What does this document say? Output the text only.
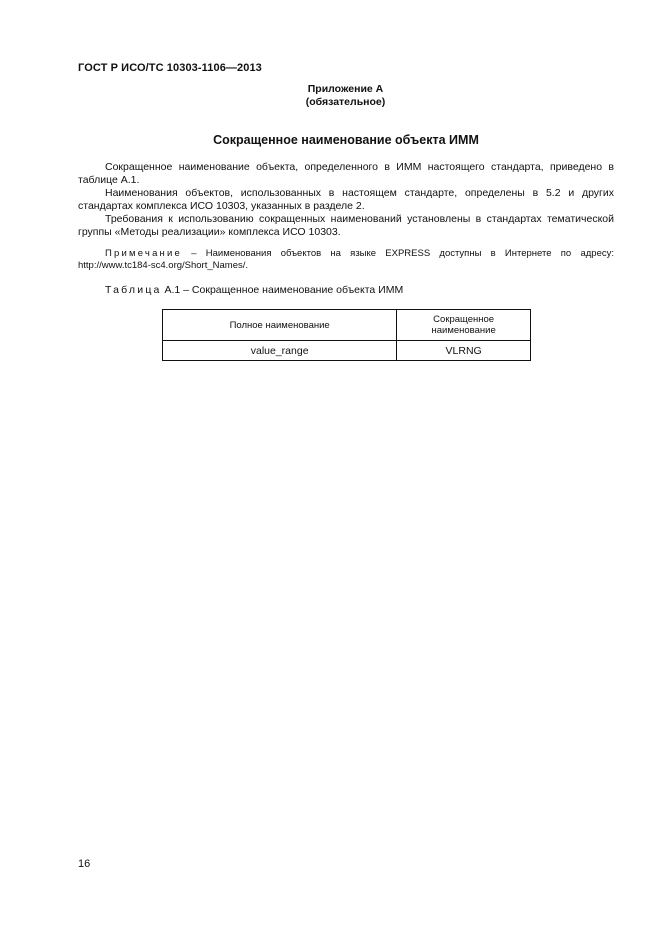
ГОСТ Р ИСО/ТС 10303-1106—2013
Приложение А
(обязательное)
Сокращенное наименование объекта ИММ

Сокращенное наименование объекта, определенного в ИММ настоящего стандарта, приведено в таблице А.1.

Наименования объектов, использованных в настоящем стандарте, определены в 5.2 и других стандартах комплекса ИСО 10303, указанных в разделе 2.

Требования к использованию сокращенных наименований установлены в стандартах тематической группы «Методы реализации» комплекса ИСО 10303.

Примечание – Наименования объектов на языке EXPRESS доступны в Интернете по адресу: http://www.tc184-sc4.org/Short_Names/.

Таблица А.1 – Сокращенное наименование объекта ИММ
Полное наименование	Сокращенное наименование
value_range	VLRNG
16
